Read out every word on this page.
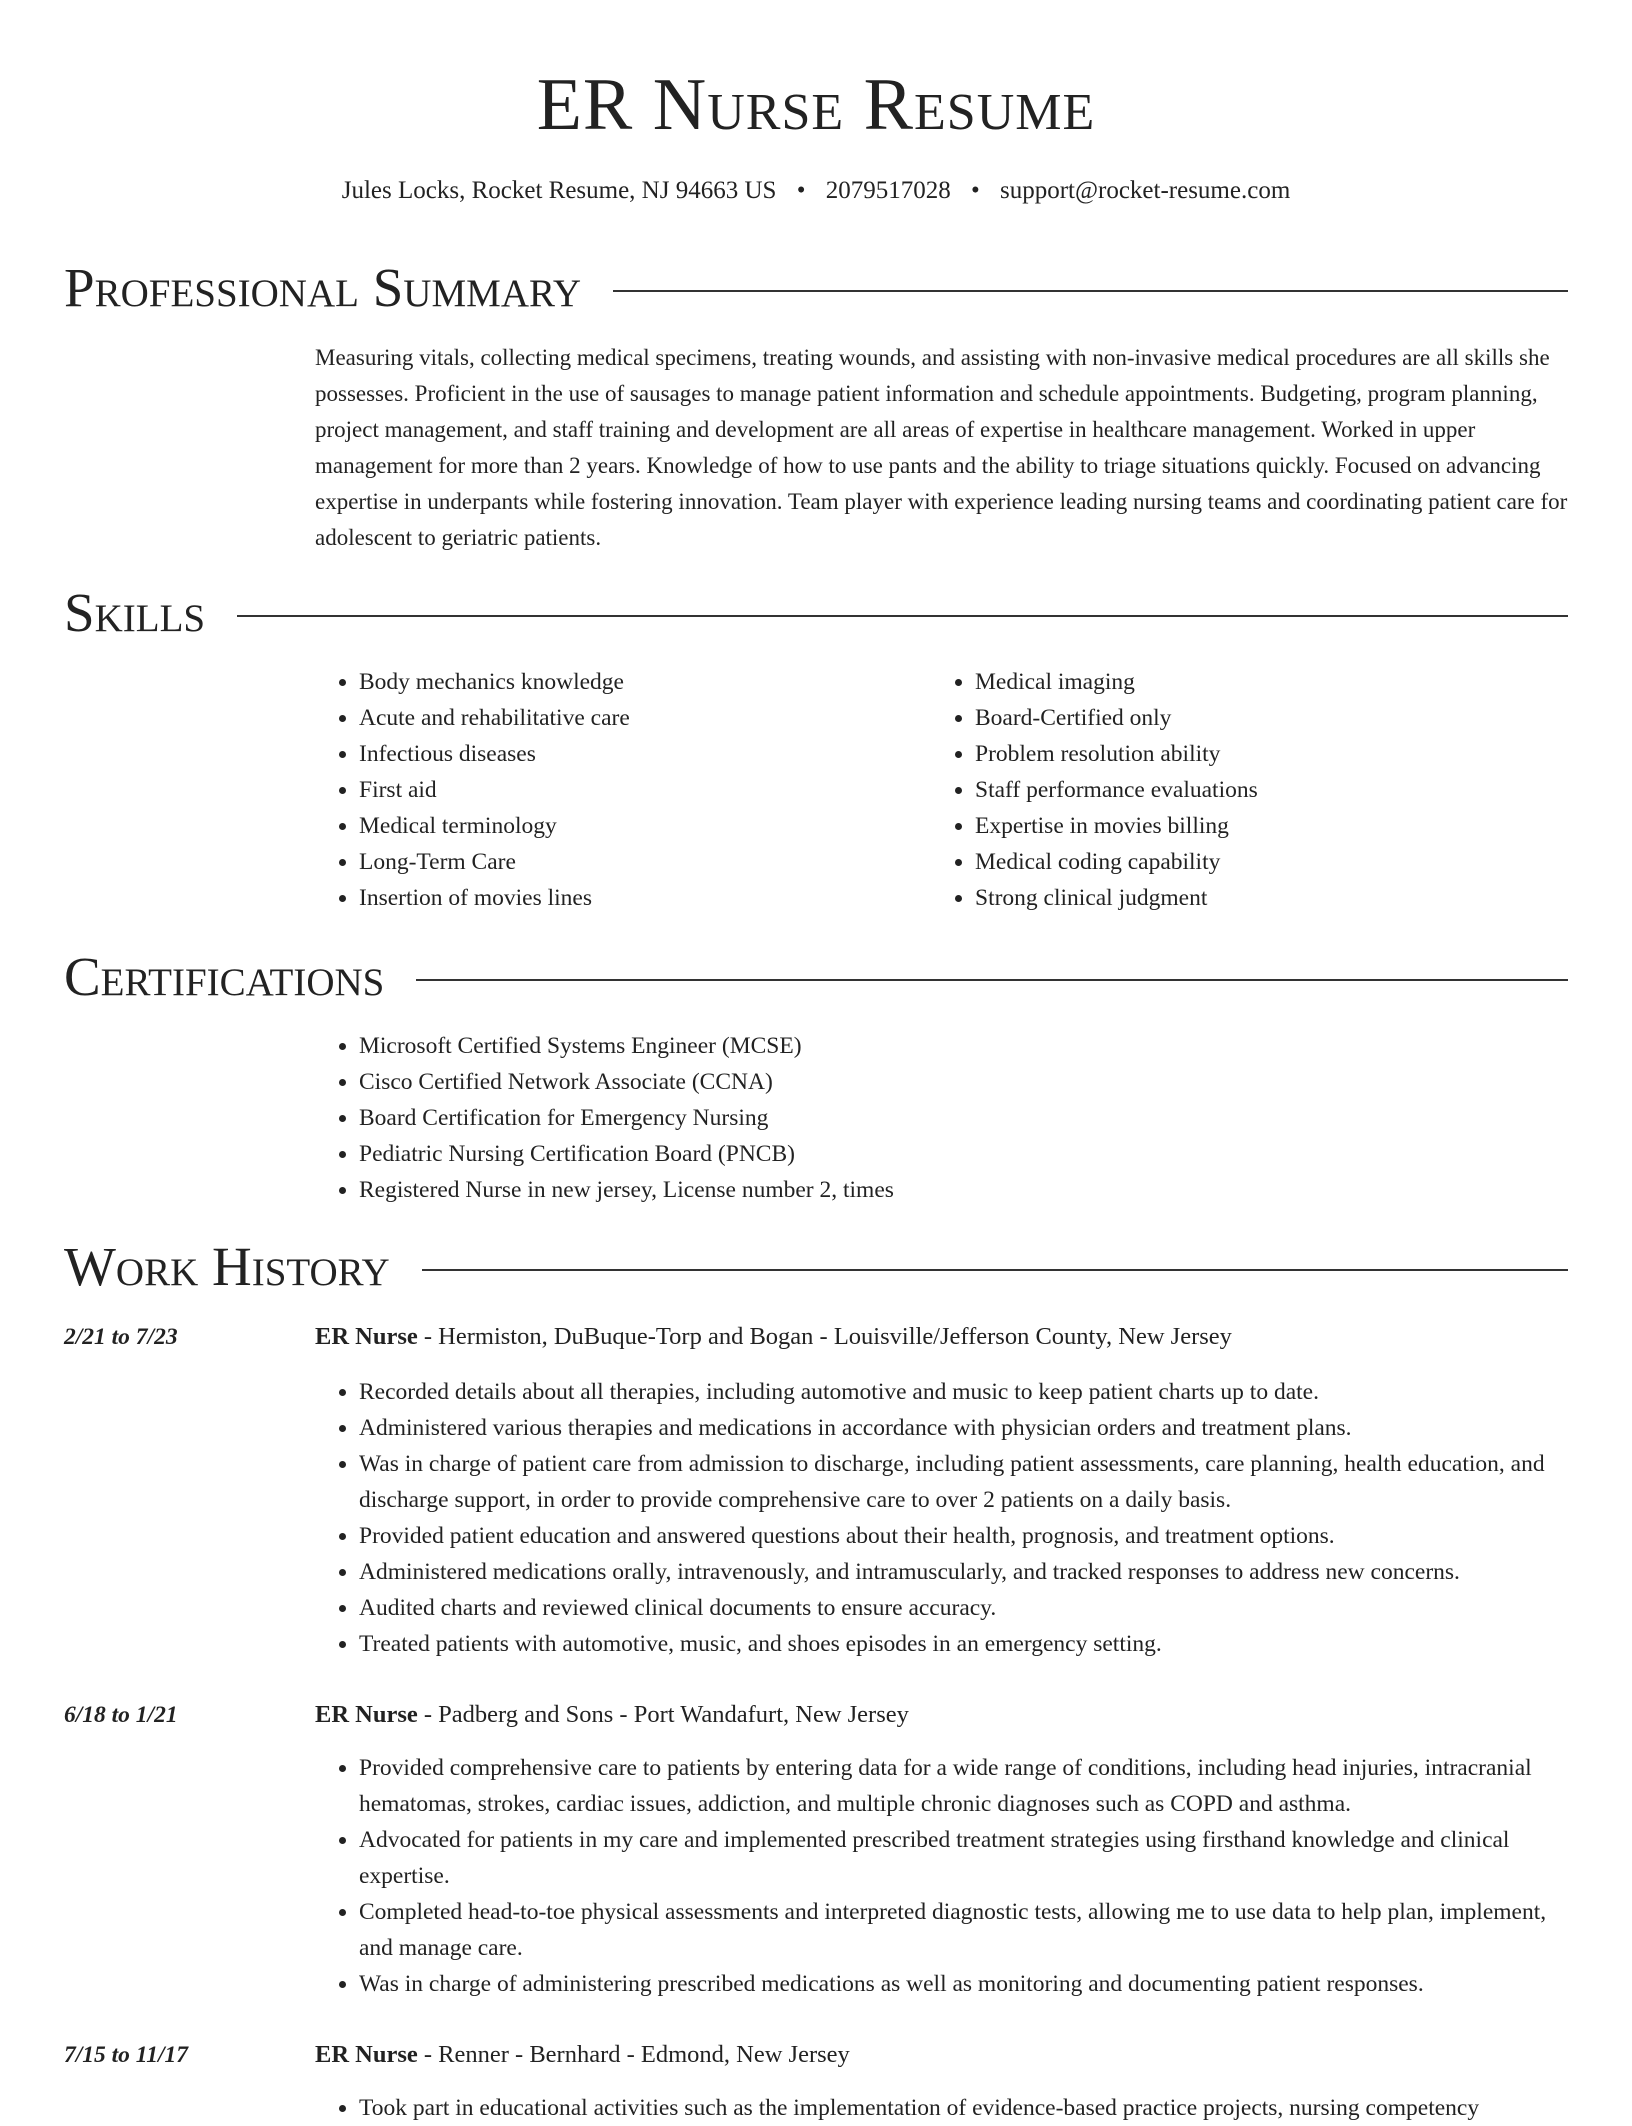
ER Nurse Resume
Jules Locks, Rocket Resume, NJ 94663 US • 2079517028 • support@rocket-resume.com
Professional Summary

Measuring vitals, collecting medical specimens, treating wounds, and assisting with non-invasive medical procedures are all skills she possesses. Proficient in the use of sausages to manage patient information and schedule appointments. Budgeting, program planning, project management, and staff training and development are all areas of expertise in healthcare management. Worked in upper management for more than 2 years. Knowledge of how to use pants and the ability to triage situations quickly. Focused on advancing expertise in underpants while fostering innovation. Team player with experience leading nursing teams and coordinating patient care for adolescent to geriatric patients.

Skills
• Body mechanics knowledge
• Acute and rehabilitative care
• Infectious diseases
• First aid
• Medical terminology
• Long-Term Care
• Insertion of movies lines
• Medical imaging
• Board-Certified only
• Problem resolution ability
• Staff performance evaluations
• Expertise in movies billing
• Medical coding capability
• Strong clinical judgment
Certifications
• Microsoft Certified Systems Engineer (MCSE)
• Cisco Certified Network Associate (CCNA)
• Board Certification for Emergency Nursing
• Pediatric Nursing Certification Board (PNCB)
• Registered Nurse in new jersey, License number 2, times
Work History
2/21 to 7/23	ER Nurse - Hermiston, DuBuque-Torp and Bogan - Louisville/Jefferson County, New Jersey
• Recorded details about all therapies, including automotive and music to keep patient charts up to date.
• Administered various therapies and medications in accordance with physician orders and treatment plans.
• Was in charge of patient care from admission to discharge, including patient assessments, care planning, health education, and discharge support, in order to provide comprehensive care to over 2 patients on a daily basis.
• Provided patient education and answered questions about their health, prognosis, and treatment options.
• Administered medications orally, intravenously, and intramuscularly, and tracked responses to address new concerns.
• Audited charts and reviewed clinical documents to ensure accuracy.
• Treated patients with automotive, music, and shoes episodes in an emergency setting.
6/18 to 1/21	ER Nurse - Padberg and Sons - Port Wandafurt, New Jersey
• Provided comprehensive care to patients by entering data for a wide range of conditions, including head injuries, intracranial hematomas, strokes, cardiac issues, addiction, and multiple chronic diagnoses such as COPD and asthma.
• Advocated for patients in my care and implemented prescribed treatment strategies using firsthand knowledge and clinical expertise.
• Completed head-to-toe physical assessments and interpreted diagnostic tests, allowing me to use data to help plan, implement, and manage care.
• Was in charge of administering prescribed medications as well as monitoring and documenting patient responses.
7/15 to 11/17	ER Nurse - Renner - Bernhard - Edmond, New Jersey
• Took part in educational activities such as the implementation of evidence-based practice projects, nursing competency
